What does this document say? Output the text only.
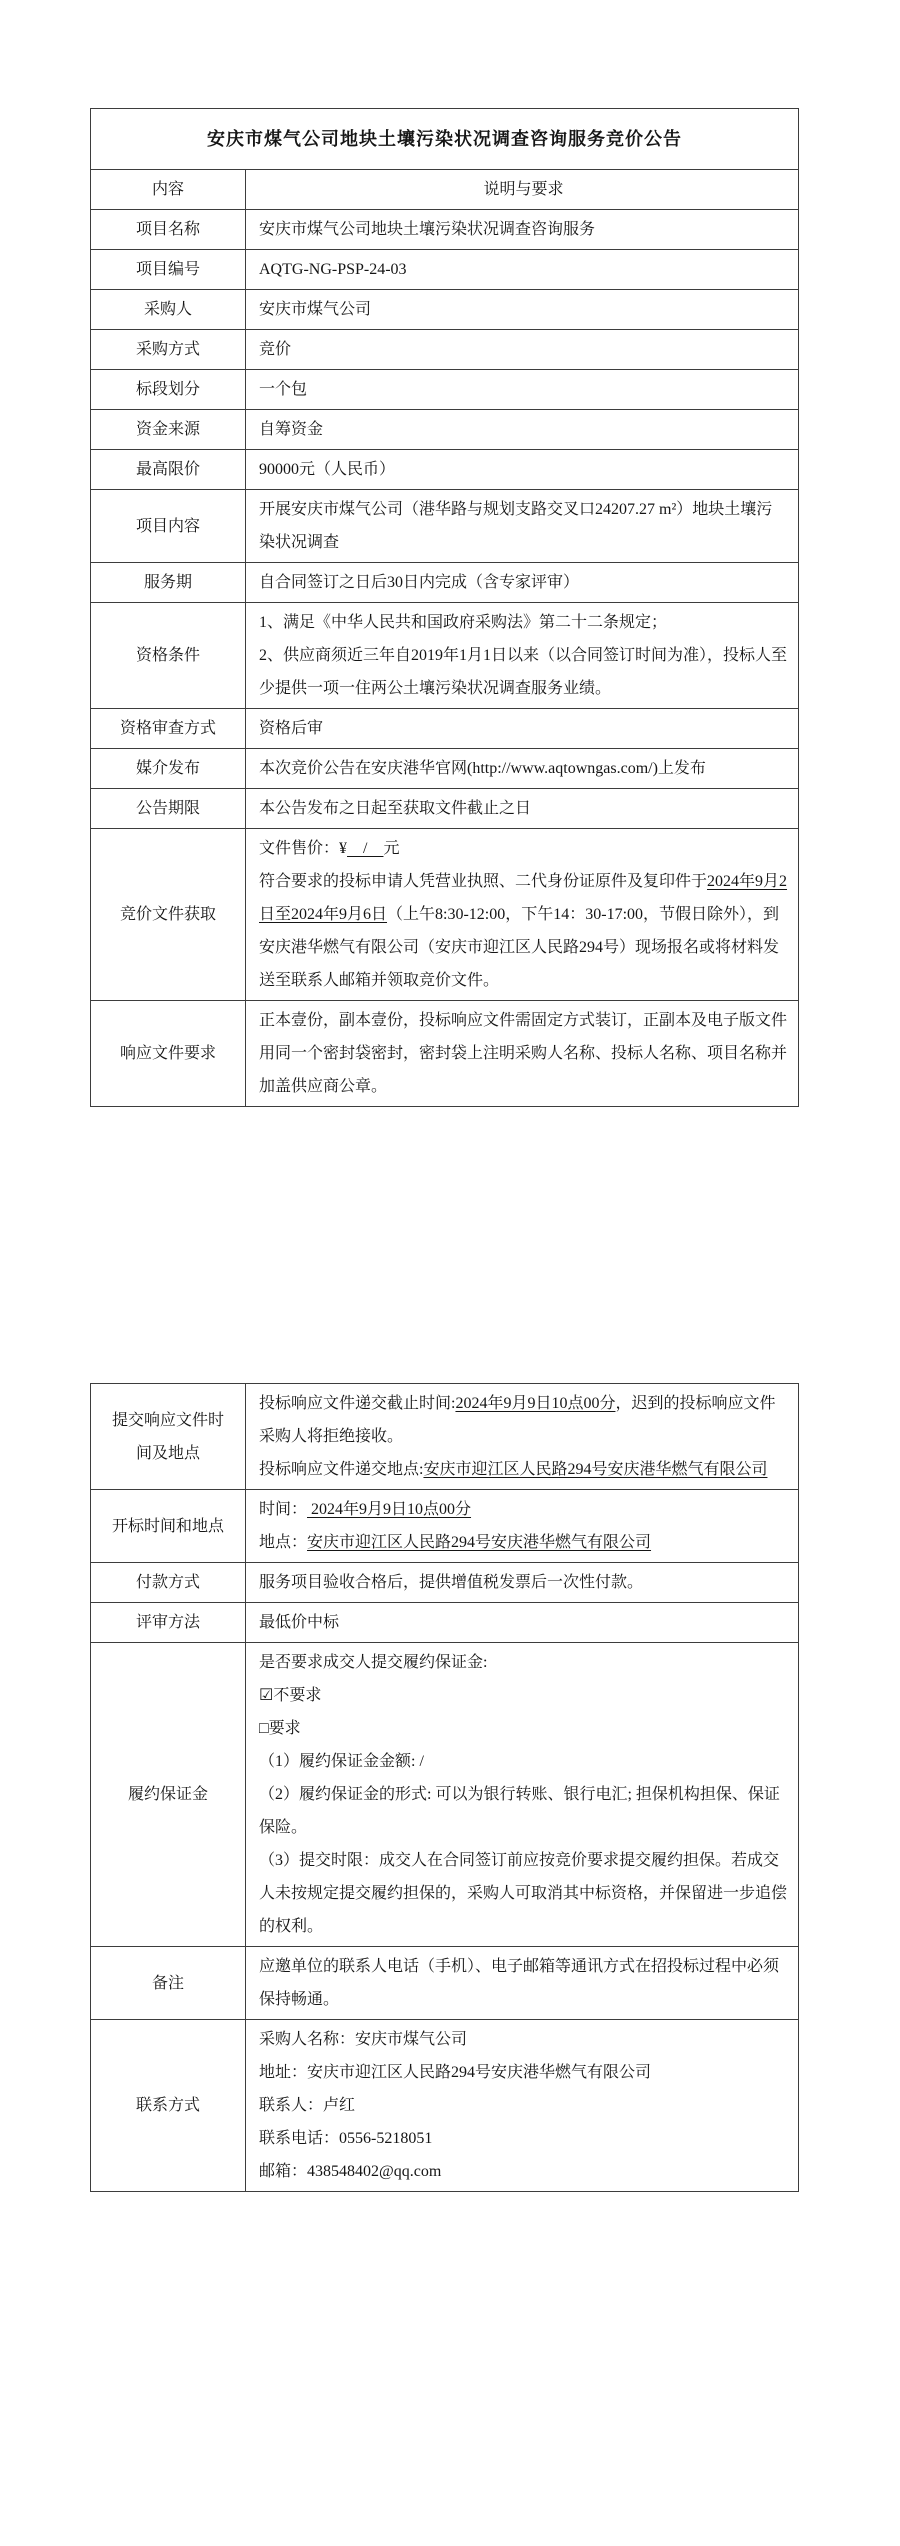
安庆市煤气公司地块土壤污染状况调查咨询服务竞价公告	
内容	说明与要求

项目名称	安庆市煤气公司地块土壤污染状况调查咨询服务

项目编号	AQTG-NG-PSP-24-03

采购人	安庆市煤气公司

采购方式	竞价

标段划分	一个包

资金来源	自筹资金

最高限价	90000元（人民币）

项目内容	开展安庆市煤气公司（港华路与规划支路交叉口24207.27 m²）地块土壤污染状况调查

服务期	自合同签订之日后30日内完成（含专家评审）

资格条件	1、满足《中华人民共和国政府采购法》第二十二条规定；

2、供应商须近三年自2019年1月1日以来（以合同签订时间为准），投标人至少提供一项一住两公土壤污染状况调查服务业绩。

资格审查方式	资格后审

媒介发布	本次竞价公告在安庆港华官网(http://www.aqtowngas.com/)上发布

公告期限	本公告发布之日起至获取文件截止之日

竞价文件获取	文件售价：¥    /    元

符合要求的投标申请人凭营业执照、二代身份证原件及复印件于2024年9月2日至2024年9月6日（上午8:30-12:00，下午14：30-17:00，节假日除外），到安庆港华燃气有限公司（安庆市迎江区人民路294号）现场报名或将材料发送至联系人邮箱并领取竞价文件。

响应文件要求	正本壹份，副本壹份，投标响应文件需固定方式装订，正副本及电子版文件用同一个密封袋密封，密封袋上注明采购人名称、投标人名称、项目名称并加盖供应商公章。

提交响应文件时间及地点	投标响应文件递交截止时间:2024年9月9日10点00分，迟到的投标响应文件采购人将拒绝接收。

投标响应文件递交地点:安庆市迎江区人民路294号安庆港华燃气有限公司

开标时间和地点	时间： 2024年9月9日10点00分

地点：安庆市迎江区人民路294号安庆港华燃气有限公司

付款方式	服务项目验收合格后，提供增值税发票后一次性付款。

评审方法	最低价中标

履约保证金	

是否要求成交人提交履约保证金:

☑不要求

□要求

（1）履约保证金金额: /

（2）履约保证金的形式: 可以为银行转账、银行电汇; 担保机构担保、保证保险。

（3）提交时限：成交人在合同签订前应按竞价要求提交履约担保。若成交人未按规定提交履约担保的，采购人可取消其中标资格，并保留进一步追偿的权利。

备注	应邀单位的联系人电话（手机）、电子邮箱等通讯方式在招投标过程中必须保持畅通。

联系方式	采购人名称：安庆市煤气公司

地址：安庆市迎江区人民路294号安庆港华燃气有限公司

联系人：卢红

联系电话：0556-5218051

邮箱：438548402@qq.com
